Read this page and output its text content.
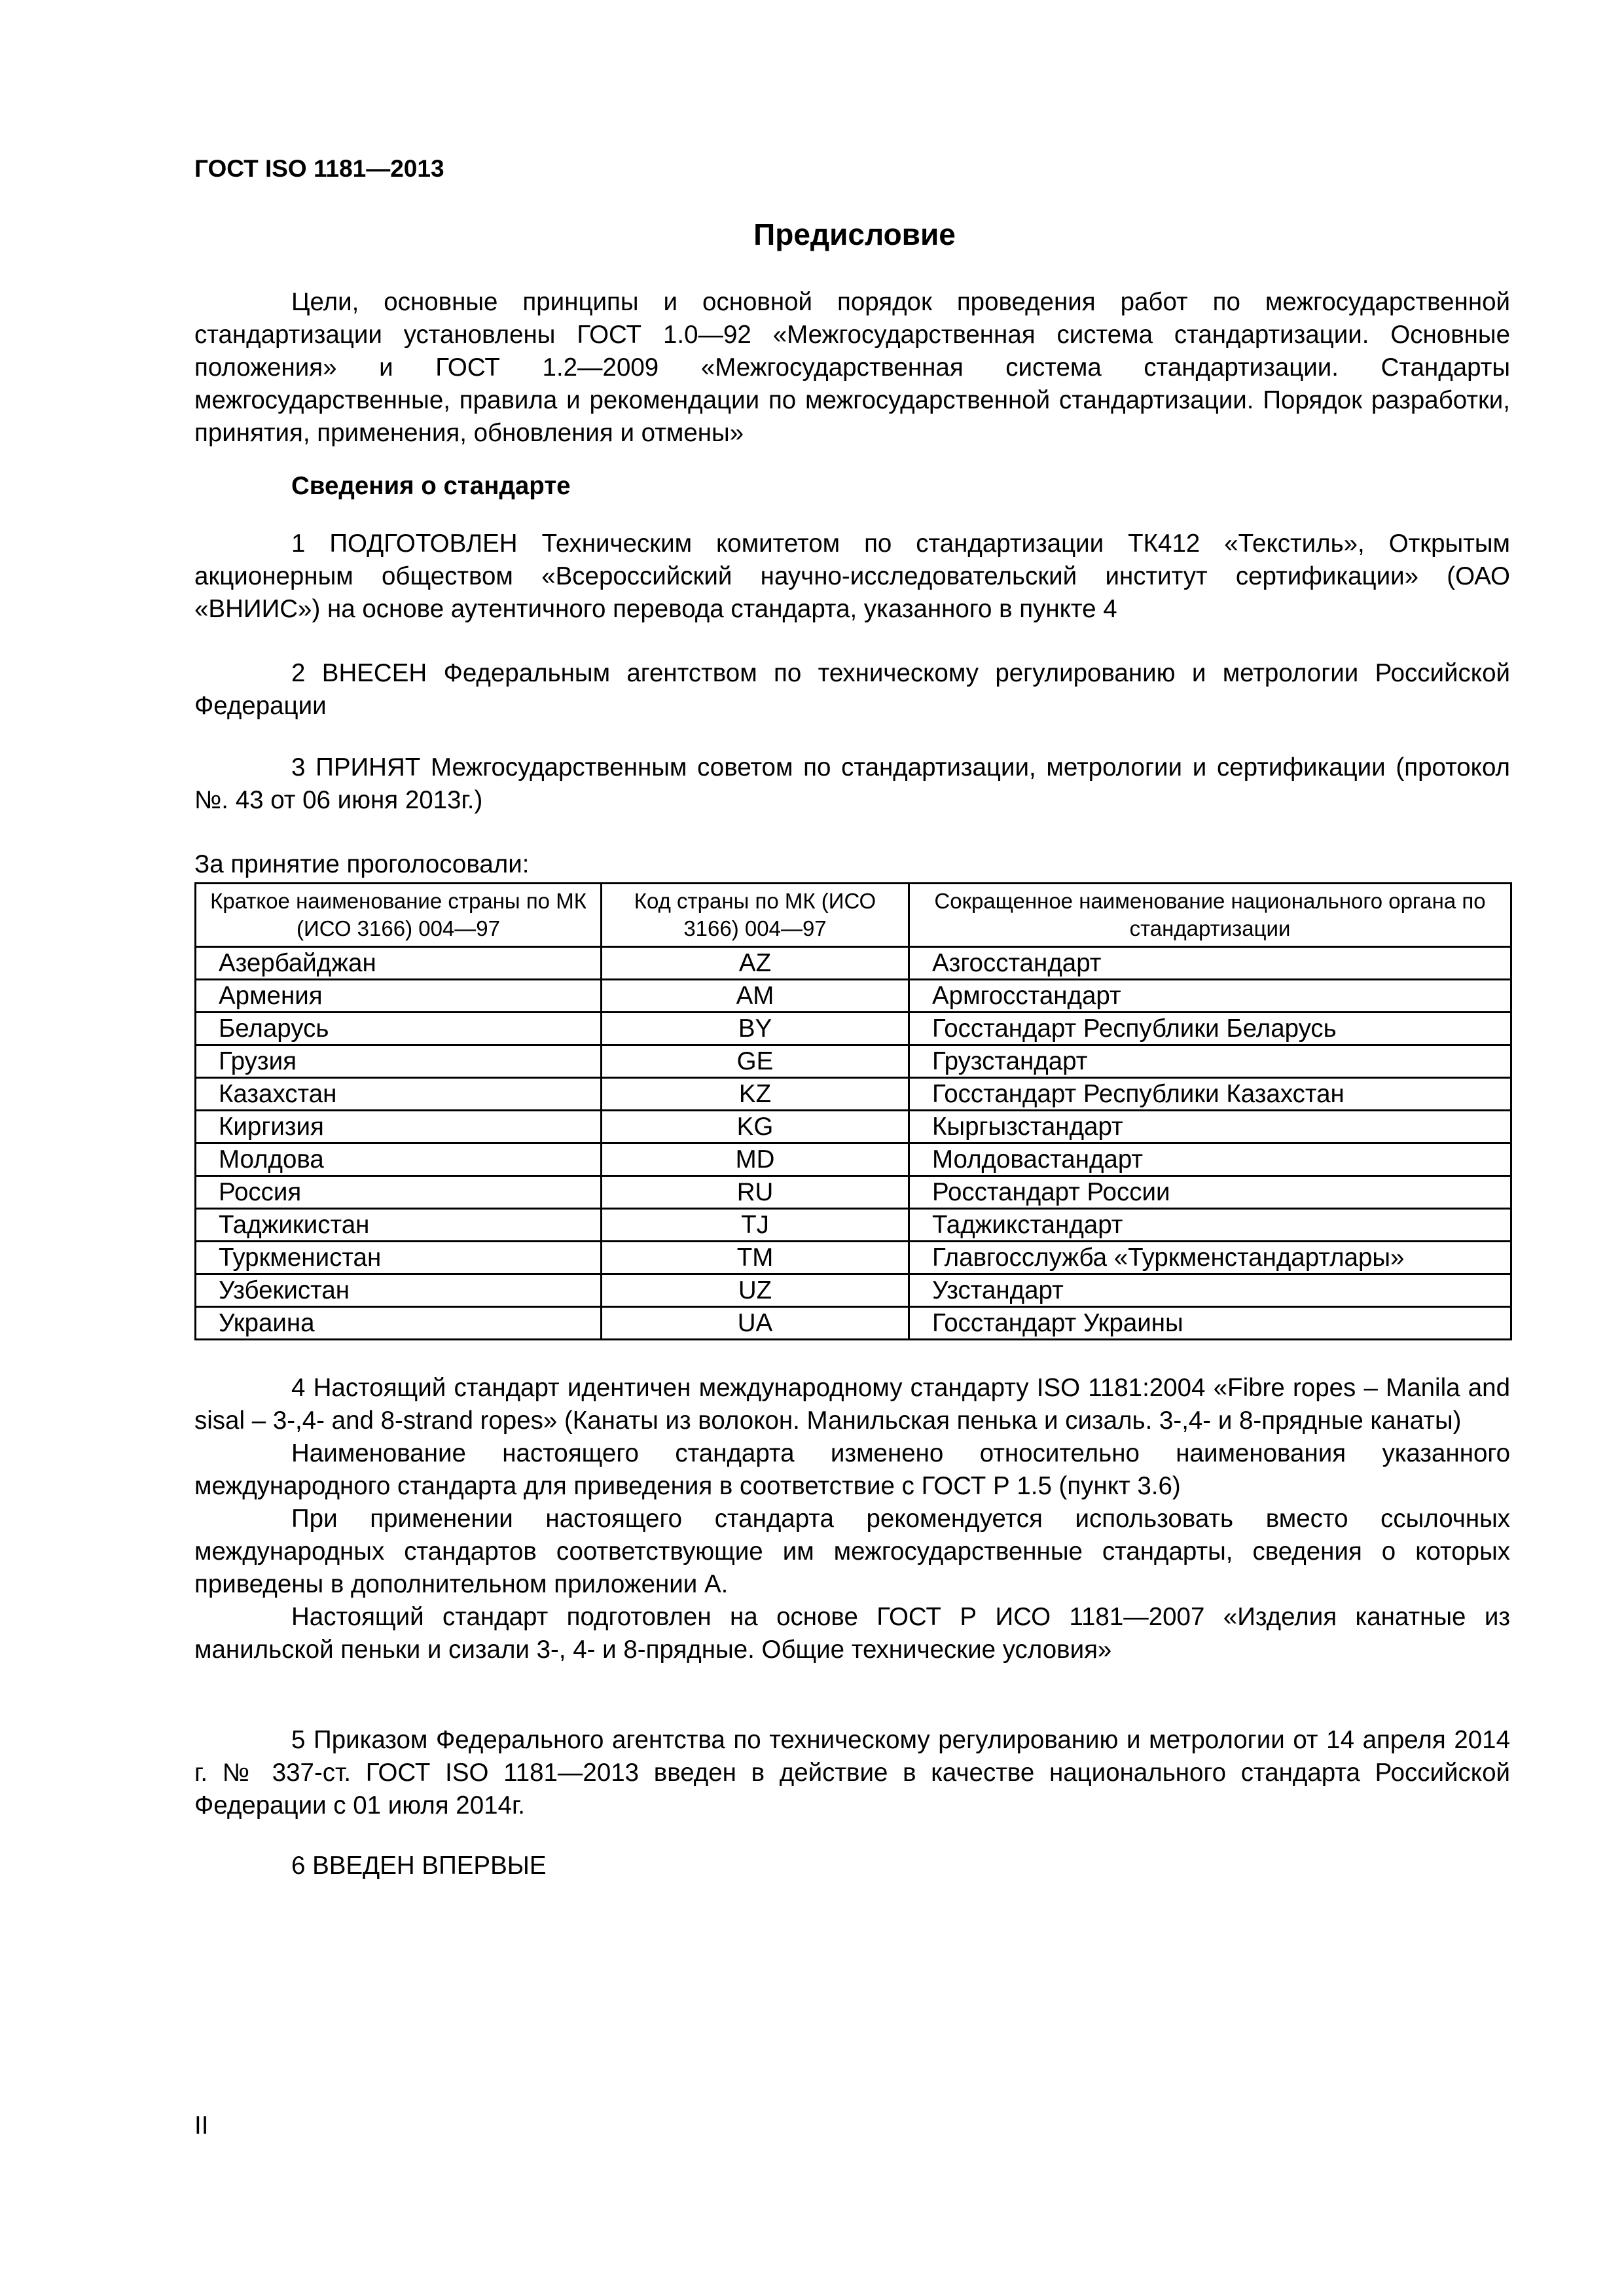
ГОСТ ISO 1181—2013
Предисловие

Цели, основные принципы и основной порядок проведения работ по межгосударственной стандартизации установлены ГОСТ 1.0—92 «Межгосударственная система стандартизации. Основные положения» и ГОСТ 1.2—2009 «Межгосударственная система стандартизации. Стандарты межгосударственные, правила и рекомендации по межгосударственной стандартизации. Порядок разработки, принятия, применения, обновления и отмены»

Сведения о стандарте

1 ПОДГОТОВЛЕН Техническим комитетом по стандартизации ТК412 «Текстиль», Открытым акционерным обществом «Всероссийский научно-исследовательский институт сертификации» (ОАО «ВНИИС») на основе аутентичного перевода стандарта, указанного в пункте 4

2 ВНЕСЕН Федеральным агентством по техническому регулированию и метрологии Российской Федерации

3 ПРИНЯТ Межгосударственным советом по стандартизации, метрологии и сертификации (протокол №. 43 от 06 июня 2013г.)

За принятие проголосовали:
Краткое наименование страны по МК (ИСО 3166) 004—97	Код страны по МК (ИСО 3166) 004—97	Сокращенное наименование национального органа по стандартизации
Азербайджан	AZ	Азгосстандарт
Армения	AM	Армгосстандарт
Беларусь	BY	Госстандарт Республики Беларусь
Грузия	GE	Грузстандарт
Казахстан	KZ	Госстандарт Республики Казахстан
Киргизия	KG	Кыргызстандарт
Молдова	MD	Молдовастандарт
Россия	RU	Росстандарт России
Таджикистан	TJ	Таджикстандарт
Туркменистан	TM	Главгосслужба «Туркменстандартлары»
Узбекистан	UZ	Узстандарт
Украина	UA	Госстандарт Украины

4 Настоящий стандарт идентичен международному стандарту ISO 1181:2004 «Fibre ropes – Manila and sisal – 3-,4- and 8-strand ropes» (Канаты из волокон. Манильская пенька и сизаль. 3-,4- и 8-прядные канаты)

Наименование настоящего стандарта изменено относительно наименования указанного международного стандарта для приведения в соответствие с ГОСТ Р 1.5 (пункт 3.6)

При применении настоящего стандарта рекомендуется использовать вместо ссылочных международных стандартов соответствующие им межгосударственные стандарты, сведения о которых приведены в дополнительном приложении А.

Настоящий стандарт подготовлен на основе ГОСТ Р ИСО 1181—2007 «Изделия канатные из манильской пеньки и сизали 3-, 4- и 8-прядные. Общие технические условия»

5 Приказом Федерального агентства по техническому регулированию и метрологии от 14 апреля 2014 г. № 337-ст. ГОСТ ISO 1181—2013 введен в действие в качестве национального стандарта Российской Федерации с 01 июля 2014г.

6 ВВЕДЕН ВПЕРВЫЕ

II
